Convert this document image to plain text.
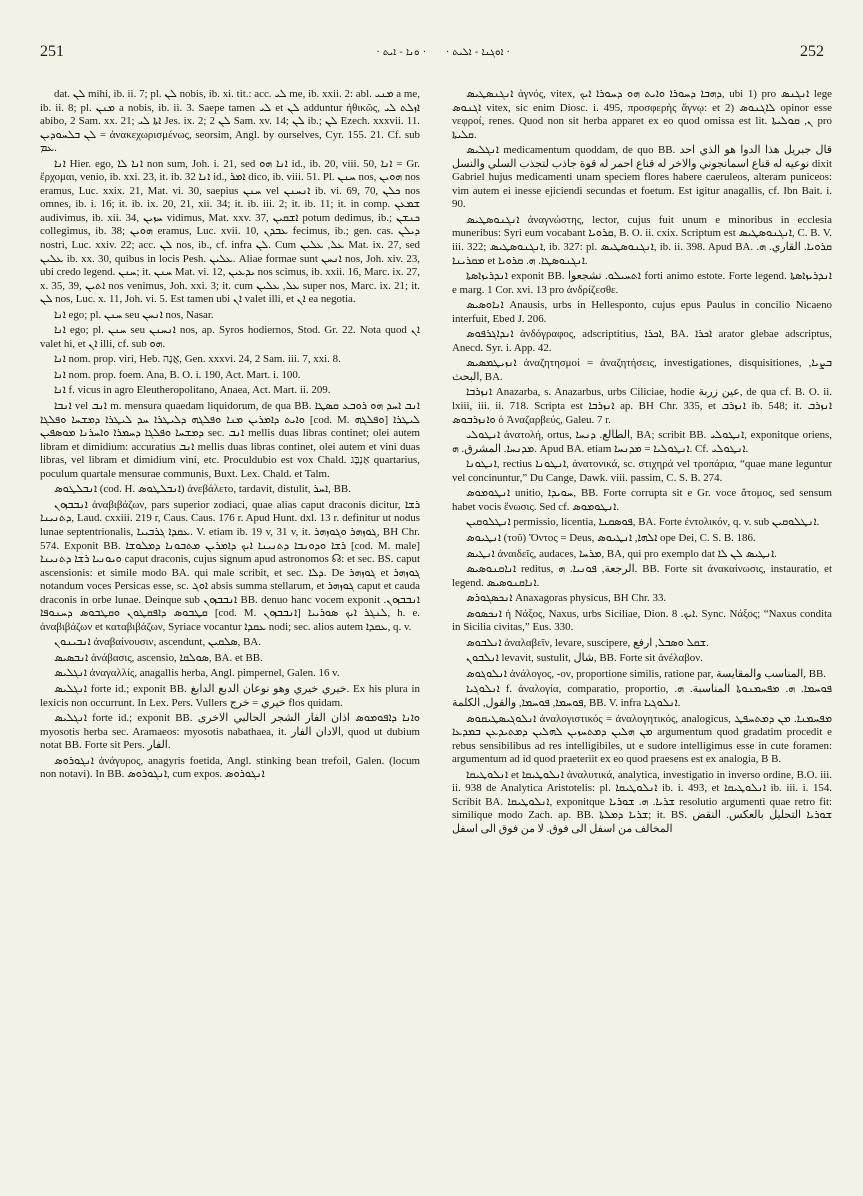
251	· ܘܢܐ - ܐܝܬ · · ܐܘܓܢܐ - ܐܠܝܬ ·	252

dat. ܠܢ mihi, ib. ii. 7; pl. ܠܢ nobis, ib. xi. tit.: acc. ܠܝ me, ib. xxii. 2: abl. ܡܢܝ a me, ib. ii. 8; pl. ܡܢܢ a nobis, ib. ii. 3. Saepe tamen ܠܝ et ܠܢ adduntur ἠθικῶς, ܐܙܠܬ ܠܝ abibo, 2 Sam. xx. 21; ܐܬܐ ܠܝ Jes. ix. 2; ܠܢ 2 Sam. xv. 14; ܠܢ ib.; ܠܢ Ezech. xxxvii. 11. ܠܢ ܒܠܚܘܕܝܢ = ἀνακεχωρισμένως, seorsim, Angl. by ourselves, Cyr. 155. 21. Cf. sub ܥܡ.

ܐܢܐ Hier. ego, ܐܢܐ ܠܐ non sum, Joh. i. 21, sed ܐܢܐ ܗܘ id., ib. 20, viii. 50, ܐܢܐ = Gr. ἔρχομαι, venio, ib. xxi. 23, it. ib. 32 ܐܢܐ id., ܐܡܪ dico, ib. viii. 51. Pl. ܚܢܢ nos, ܗܘܝܢ nos eramus, Luc. xxix. 21, Mat. vi. 30, saepius ܚܢܢ vel ܐܢܚܢܢ ib. vi. 69, 70, ܟܠܢ nos omnes, ib. i. 16; it. ib. ix. 20, 21, xii. 34; it. ib. iii. 2; it. ib. 11; it. in comp. ܫܡܥܢ audivimus, ib. xii. 34, ܚܙܝܢ vidimus, Mat. xxv. 37, ܐܫܩܝܢ potum dedimus, ib.; ܟܢܫܢ collegimus, ib. 38; ܗܘܝܢ eramus, Luc. xvii. 10, ܥܒܕܢ fecimus, ib.; gen. cas. ܕܝܠܢ nostri, Luc. xxiv. 22; acc. ܠܢ nos, ib., cf. infra ܠܢ. Cum ܥܠ, ܥܠܝܢ Mat. ix. 27, sed ܥܠܝܢ ib. xx. 30, quibus in locis Pesh. ܥܠܝܢ. Aliae formae sunt ܐܢܚܢ nos, Joh. xiv. 23, ubi credo legend. ܚܢܢ; it. ܚܢܢ Mat. vi. 12, ܝܕܥܝܢ nos scimus, ib. xxii. 16, Marc. ix. 27, x. 35, 39, ܐܬܝܢ nos venimus, Joh. xxi. 3; it. cum ܥܠ, ܥܠܝܢ super nos, Marc. ix. 21; it. ܠܢ nos, Luc. x. 11, Joh. vi. 5. Est tamen ubi ܐܢ valet illi, et ܐܢ ea negotia.

ܐܢܐ ego; pl. ܚܢܢ seu ܐܢܚܢ nos, Nasar.

ܐܢܐ ego; pl. ܚܢܢ seu ܐܢܚܢܢ nos, ap. Syros hodiernos, Stod. Gr. 22. Nota quod ܐܢ valet hi, et ܐܢ illi, cf. sub ܗܘ.

ܐܢܐ nom. prop. viri, Heb. אֲנָה, Gen. xxxvi. 24, 2 Sam. iii. 7, xxi. 8.

ܐܢܐ nom. prop. foem. Ana, B. O. i. 190, Act. Mart. i. 100.

ܐܢܐ f. vicus in agro Eleutheropolitano, Anaea, Act. Mart. ii. 209.

ܐܢܒܐ vel ܐܢܒ m. mensura quaedam liquidorum, de qua BB. ܐܢܒ ܐܚܕ ܗܘ ܪܘܒܥ ܩܣܛܐ ܘܐܝܬ ܕܐܡܪܝܢ ܡܢܐ ܘܦܠܓܗ ܕܠܝܛܪܐ ܚܕ ܠܝܛܪܐ ܕܡܫܚܐ ܘܦܠܓܐ [cod. M. ܘܦܠܓܗ] ܠܝܛܪܐ ܕܡܫܚܐ ܘܦܠܓܐ ܕܚܡܪܐ ܘܐܚܪܢܐ ܡܘܣܦܝܢ sec. ܐܢܒ mellis duas libras continet; olei autem libram et dimidium: accuratius ܐܢܒ mellis duas libras continet, olei autem et vini duas libras, vel libram et dimidium vini, etc. Proculdubio est vox Chald. אַנְבָּג quartarius, poculum quartale mensurae communis, Buxt. Lex. Chald. et Talm.

ܐܢܒܠܛܘܣ (cod. H. ܐܢܒܠܛܘܣ) ἀνεβάλετο, tardavit, distulit, ܐܚܪ, BB.

ܐܢܒܒܙܘܢ ἀναβιβάζων, pars superior zodiaci, quae alias caput draconis dicitur, ܪܫܐ ܕܬܢܝܢܐ, Laud. cxxiii. 219 r, Caus. Caus. 176 r. Apud Hunt. dxl. 13 r. definitur ut nodus lunae septentrionalis, ܥܩܕܐ ܓܪܒܝܝܐ. V. etiam ib. 19 v, 31 v, it. ܓܘܙܗܪ ܘܓܘܙܗܪ, BH Chr. 574. Exponit BB. ܪܫܐ ܘܕܘܢܒܐ ܕܬܢܝܢܐ ܐܝܟ ܕܐܡܪܝܢ ܡܬܒܘܢܐ ܕܡܠܘܫܐ [cod. M. male] ܘܝܘܢܝܐ ܪܫܐ ܕܬܢܝܢܐ caput draconis, cujus signum apud astronomos ☊: et sec. BS. caput ascensionis: et simile modo BA. qui male scribit, et sec. ܕܠܐ. De ܓܘܙܗܪ et ܓܘܙܗܪ notandum voces Persicas esse, sc. ܐܘܓ absis summa stellarum, et ܓܘܙܗܪ caput et cauda draconis in orbe lunae. Deinque sub ܐܢܒܒܙܘܢ BB. denuo hanc vocem exponit ܐܢܒܒܙܘܢ. ܩܛܒܘܣ ܕܐܦܩܛܘܢ ܘܩܛܒܘܣ ܕܚܢܘܦܐ [cod. M. ܐܢܒܒܙܘܢ] ܠܢܓܪ ܐܝܟ ܣܘܪܝܝܐ, h. e. ἀναβιβάζων et καταβιβάζων, Syriace vocantur ܥܩܕܐ nodi; sec. alios autem ܥܩܕܐ, q. v.

ܐܢܒܝܢܘܢ ἀναβαίνουσιν, ascendunt, ܣܠܩܝܢ, BA.

ܐܢܒܣܝܣ ἀνάβασις, ascensio, ܣܘܠܩܐ, BA. et BB.

ܐܢܓܠܝܣ ἀναγαλλίς, anagallis herba, Angl. pimpernel, Galen. 16 v.

ܐܢܓܠܝܣ forte id.; exponit BB. خيري خيري وهو نوعان الدبع الدابغ. Ex his plura in lexicis non occurrunt. In Lex. Pers. Vullers خيري = خرج flos quidam.

ܐܢܓܠܝܣ forte id.; exponit BB. ܘܐܢܐ ܕܐܦܘܡܘܣ اذان الفار الشجر الحالبي الاخرى myosotis herba sec. Aramaeos: myosotis nabathaea, it. الادان الفار, quod ut dubium notat BB. Forte sit Pers. الفار.

ܐܢܓܘܪܘܣ ἀνάγυρος, anagyris foetida, Angl. stinking bean trefoil, Galen. (locum non notavi). In BB. ܐܢܓܘܪܘܣ, cum expos. ܐܢܓܘܪܘܣ

ܐܢܓܢܣܛܝܣ ἀγνός, vitex, ܕܗܒܐ ܕܚܘܪܐ ܘܐܝܬ ܗܘ ܕܚܘܪܐ ܐܝܟ, ubi 1) pro ܐܢܓܢܣ lege ܐܓܢܘܣ vitex, sic enim Diosc. i. 495, προσφερὴς ἄγνῳ: et 2) ܠܐܓܢܘܣ opinor esse νεφροί, renes. Quod non sit herba apparet ex eo quod omissa est lit. ܢ, ܩܘܠܝܬܐ pro ܩܠܝܬܐ.

ܐܢܓܠܝܣ medicamentum quoddam, de quo BB. قال جبريل هذا الدوا هو الذي احد نوعيه له قناع اسمانجوني والاخر له قناع احمر له قوة جاذب لتجذب السلي والنسل dixit Gabriel hujus medicamenti unam speciem flores habere caeruleos, alteram puniceos: vim autem ei inesse ejiciendi secundas et foetum. Est igitur anagallis, cf. Ibn Bait. i. 90.

ܐܢܓܢܘܣܛܝܣ ἀναγνώστης, lector, cujus fuit unum e minoribus in ecclesia muneribus: Syri eum vocabant ܩܪܘܝܐ, B. O. ii. cxix. Scriptum est ܐܢܓܢܘܣܛܝܣ, C. B. V. iii. 322; ܐܢܓܢܘܣܛܝܣ, ib. 327: pl. ܐܢܓܢܘܣܛܝܣ, ib. ii. 398. Apud BA. ܩܪܘܝܐ. القاري. ܗ. ܡܩܪܝܢܐ et ܐܢܓܢܘܣܛܐ. ܗ. ܩܪܘܝܐ.

ܐܢܕܪܝܙܐܣܬܐ exponit BB. ܐܬܚܝܠܘ. تشجعوا forti animo estote. Forte legend. ܐܢܕܪܝܙܐܣܬܐ e marg. 1 Cor. xvi. 13 pro ἀνδρίζεσθε.

ܐܢܐܘܣܝܣ Anausis, urbs in Hellesponto, cujus epus Paulus in concilio Nicaeno interfuit, Ebed J. 206.

ܐܢܕܐܓܪܦܘܣ ἀνδόγραφος, adscriptitius, ܐܟܪܐ, BA. ܐܟܪܐ arator glebae adscriptus, Anecd. Syr. i. App. 42.

ܐܢܙܝܛܡܣܝܣ ἀναζητησμοί = ἀναζητήσεις, investigationes, disquisitiones, ܒܨܝܐ, البحث, BA.

ܐܢܙܪܒܐ Anazarba, s. Anazarbus, urbs Ciliciae, hodie عين زربة, de qua cf. B. O. ii. lxiii, iii. ii. 718. Scripta est ܐܢܙܪܒܐ ap. BH Chr. 335, et ܐܢܙܪܒ ib. 548; it. ܐܢܙܪܒ ܘܐܢܙܪܒܘܣ ὁ Ἀναζαρβεύς, Galeu. 7 r.

ܐܢܛܘܠܝ ἀνατολή, ortus, الطالع. ܕܢܚܐ, BA; scribit BB. ܐܢܛܘܠܝ, exponitque oriens, ܡܕܢܚܐ. المشرق. ܗ. Apud BA. etiam ܐܢܛܘܠܝܐ = ܡܕܢܚܐ. Cf. ܐܢܛܘܠܝ.

ܐܢܛܘܢܐ, rectius ܐܢܛܘܢܐ, ἀνατονικά, sc. στιχηρά vel τροπάρια, “quae mane leguntur vel concinuntur,” Du Cange, Dawk. viii. passim, C. S. B. 274.

ܐܢܛܘܡܘܣ unitio, ܚܘܝܕܐ, BB. Forte corrupta sit e Gr. voce ἄτομος, sed sensum habet vocis ἕνωσις. Sed cf. ܐܢܛܘܡܘܣ.

ܐܢܛܠܘܩܝܢ permissio, licentia, ܦܘܣܩܢܐ, BA. Forte ἐντολικόν, q. v. sub ܐܢܛܠܘܩܝܢ.

ܐܢܛܝܘܣ (τοῦ) Ὄντος = Deus, ܐܠܗܐ, ܐܢܛܝܘܣ ope Dei, C. S. B. 186.

ܐܢܛܝܣ ἀναιδεῖς, audaces, ܡܪܚܐ, BA, qui pro exemplo dat ܐܢܛܝܣ ܠܢ ܠܐ.

ܐܢܐܩܢܘܣܝܣ reditus, الرجعة, ܦܘܢܝܐ. ܗ. BB. Forte sit ἀνακαίνωσις, instauratio, et legend. ܐܢܐܩܢܘܣܝܣ.

ܐܢܟܣܓܘܪܣ Anaxagoras physicus, BH Chr. 33.

ܐܢܟܣܘܣ ἡ Νάξος, Naxus, urbs Siciliae, Dion. ܐܝܟ. 8. Sync. Νάξος; “Naxus condita in Sicilia civitas,” Eus. 330.

ܐܢܠܒܘܣ ἀναλαβεῖν, levare, suscipere, ܫܩܠ ܘܣܒܠ, ارفع.

ܐܢܠܒܘܢ levavit, sustulit, شال, BB. Forte sit ἀνέλαβον.

ܐܢܠܘܓܘܣ ἀνάλογος, -ον, proportione similis, ratione par, المناسب والمقايسة, BB.

ܐܢܠܘܓܝܐ f. ἀναλογία, comparatio, proportio, ܦܘܚܡܐ. ܗ. ܡܦܚܡܢܘܬܐ المناسبة. ܗ. ܦܘܚܡܐ, ܦܘܚܡܐ, والقول, الكلمة, BB. V. infra ܐܢܠܘܓܝܐ.

ܐܢܠܘܓܝܣܛܝܩܘܣ ἀναλογιστικός = ἀναλογητικός, analogicus, ܡܦܚܡܢܐ. ܡܢ ܕܡܬܚܦܛ ܡܢ ܗܠܝܢ ܕܡܬܚܙܝܢ ܠܗܠܝܢ ܕܡܬܝܕܥܢ ܒܡܕܥܐ argumentum quod gradatim procedit e rebus sensibilibus ad res intelligibiles, ut e sudore intelligimus esse in cute foramen: argumentum ad id quod praeteriit ex eo quod praesens est ex analogia, B B.

ܐܢܠܘܛܝܩܐ et ܐܢܠܘܛܝܩܐ ἀναλυτικά, analytica, investigatio in inverso ordine, B.O. iii. ii. 938 de Analytica Aristotelis: pl. ܐܢܠܘܛܝܩܐ ib. i. 493, et ܐܢܠܘܛܝܩܐ ib. iii. i. 154. Scribit BA. ܐܢܠܘܛܝܩܐ, exponitque ܫܪܝܐ. ܗ. ܫܘܪܝܐ resolutio argumenti quae retro fit: similique modo Zach. ap. BB. ܫܪܝܐ ܕܡܠܬܐ; it. BS. ܫܘܪܝܐ التحليل بالعكس. النقض المخالف من اسفل الى فوق. لا من فوق الى اسفل
